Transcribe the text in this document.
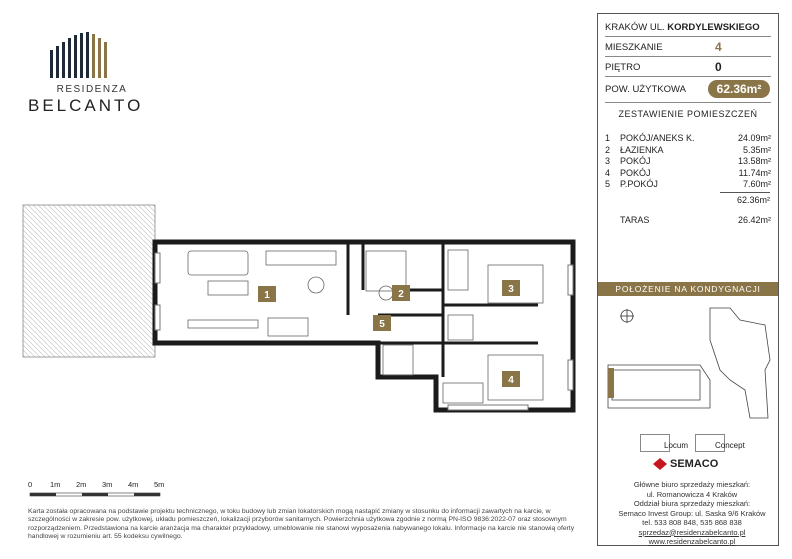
RESIDENZA
BELCANTO
1	2	3
4
5
0 1m 2m 3m 4m 5m
Karta została opracowana na podstawie projektu technicznego, w toku budowy lub zmian lokatorskich mogą nastąpić zmiany w stosunku do informacji zawartych na karcie, w szczególności w zakresie pow. użytkowej, układu pomieszczeń, lokalizacji przyborów sanitarnych. Powierzchnia użytkowa zgodnie z normą PN-ISO 9836:2022-07 oraz stosownym rozporządzeniem. Przedstawiona na karcie aranżacja ma charakter przykładowy, umeblowanie nie stanowi wyposażenia nabywanego lokalu. Informacje na karcie nie stanowią oferty handlowej w rozumieniu art. 55 kodeksu cywilnego.
KRAKÓW UL. KORDYLEWSKIEGO
MIESZKANIE	4
PIĘTRO	0
POW. UŻYTKOWA	62.36m²
ZESTAWIENIE POMIESZCZEŃ
1 POKÓJ/ANEKS K.	24.09m²
2 ŁAZIENKA	5.35m²
3 POKÓJ	13.58m²
4 POKÓJ	11.74m²
5 P.POKÓJ	7.60m²
62.36m²
TARAS	26.42m²
POŁOŻENIE NA KONDYGNACJI
Locum	Concept
SEMACO
Główne biuro sprzedaży mieszkań:
ul. Romanowicza 4 Kraków
Oddział biura sprzedaży mieszkań:
Semaco Invest Group: ul. Saska 9/6 Kraków
tel. 533 808 848, 535 868 838
sprzedaz@residenzabelcanto.pl
www.residenzabelcanto.pl
